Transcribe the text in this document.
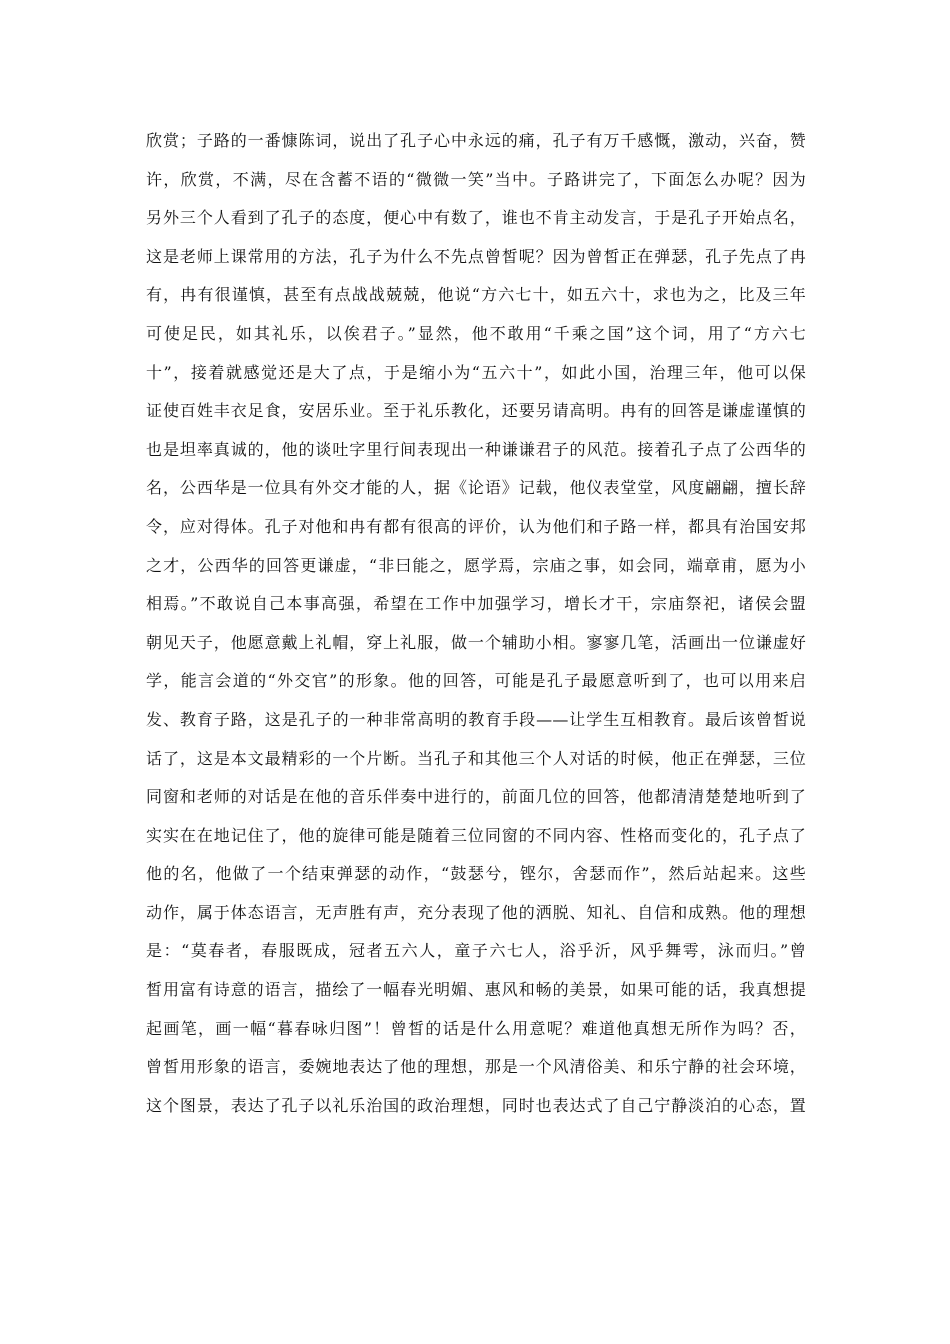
欣赏；子路的一番慷陈词，说出了孔子心中永远的痛，孔子有万千感慨，激动，兴奋，赞
许，欣赏，不满，尽在含蓄不语的“微微一笑”当中。子路讲完了，下面怎么办呢？因为
另外三个人看到了孔子的态度，便心中有数了，谁也不肯主动发言，于是孔子开始点名，
这是老师上课常用的方法，孔子为什么不先点曾皙呢？因为曾皙正在弹瑟，孔子先点了冉
有，冉有很谨慎，甚至有点战战兢兢，他说“方六七十，如五六十，求也为之，比及三年
可使足民，如其礼乐，以俟君子。”显然，他不敢用“千乘之国”这个词，用了“方六七
十”，接着就感觉还是大了点，于是缩小为“五六十”，如此小国，治理三年，他可以保
证使百姓丰衣足食，安居乐业。至于礼乐教化，还要另请高明。冉有的回答是谦虚谨慎的
也是坦率真诚的，他的谈吐字里行间表现出一种谦谦君子的风范。接着孔子点了公西华的
名，公西华是一位具有外交才能的人，据《论语》记载，他仪表堂堂，风度翩翩，擅长辞
令，应对得体。孔子对他和冉有都有很高的评价，认为他们和子路一样，都具有治国安邦
之才，公西华的回答更谦虚，“非曰能之，愿学焉，宗庙之事，如会同，端章甫，愿为小
相焉。”不敢说自己本事高强，希望在工作中加强学习，增长才干，宗庙祭祀，诸侯会盟
朝见天子，他愿意戴上礼帽，穿上礼服，做一个辅助小相。寥寥几笔，活画出一位谦虚好
学，能言会道的“外交官”的形象。他的回答，可能是孔子最愿意听到了，也可以用来启
发、教育子路，这是孔子的一种非常高明的教育手段——让学生互相教育。最后该曾皙说
话了，这是本文最精彩的一个片断。当孔子和其他三个人对话的时候，他正在弹瑟，三位
同窗和老师的对话是在他的音乐伴奏中进行的，前面几位的回答，他都清清楚楚地听到了
实实在在地记住了，他的旋律可能是随着三位同窗的不同内容、性格而变化的，孔子点了
他的名，他做了一个结束弹瑟的动作，“鼓瑟兮，铿尔，舍瑟而作”，然后站起来。这些
动作，属于体态语言，无声胜有声，充分表现了他的洒脱、知礼、自信和成熟。他的理想
是：“莫春者，春服既成，冠者五六人，童子六七人，浴乎沂，风乎舞雩，泳而归。”曾
皙用富有诗意的语言，描绘了一幅春光明媚、惠风和畅的美景，如果可能的话，我真想提
起画笔，画一幅“暮春咏归图”！曾皙的话是什么用意呢？难道他真想无所作为吗？否，
曾皙用形象的语言，委婉地表达了他的理想，那是一个风清俗美、和乐宁静的社会环境，
这个图景，表达了孔子以礼乐治国的政治理想，同时也表达式了自己宁静淡泊的心态，置
